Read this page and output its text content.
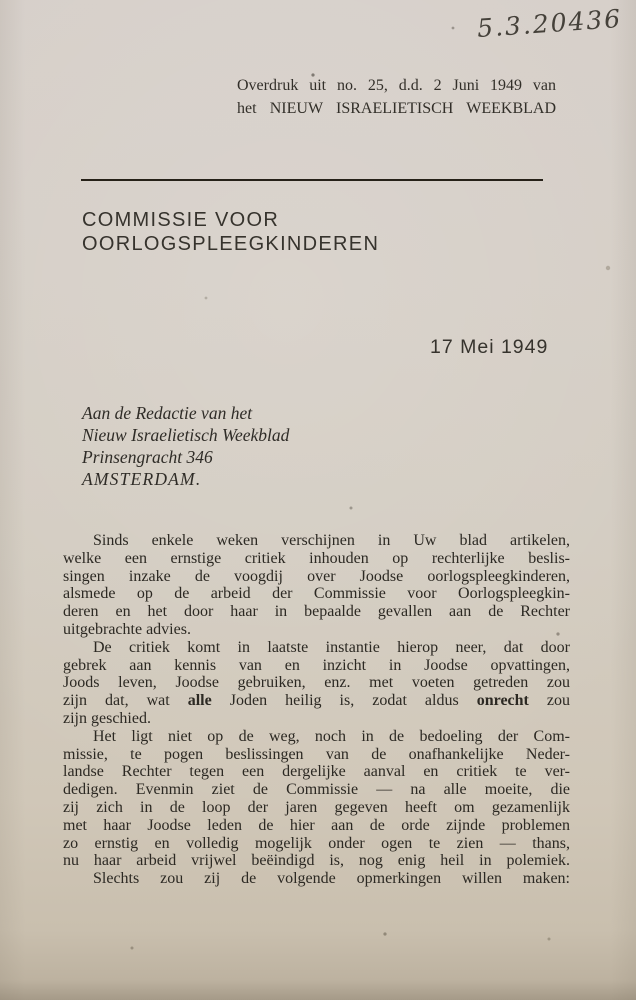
5.3.20436
Overdruk uit no. 25, d.d. 2 Juni 1949 van
het NIEUW ISRAELIETISCH WEEKBLAD
COMMISSIE VOOR
OORLOGSPLEEGKINDEREN
17 Mei 1949
Aan de Redactie van het
Nieuw Israelietisch Weekblad
Prinsengracht 346
AMSTERDAM.
Sinds enkele weken verschijnen in Uw blad artikelen,
welke een ernstige critiek inhouden op rechterlijke beslis-
singen inzake de voogdij over Joodse oorlogspleegkinderen,
alsmede op de arbeid der Commissie voor Oorlogspleegkin-
deren en het door haar in bepaalde gevallen aan de Rechter
uitgebrachte advies.
De critiek komt in laatste instantie hierop neer, dat door
gebrek aan kennis van en inzicht in Joodse opvattingen,
Joods leven, Joodse gebruiken, enz. met voeten getreden zou
zijn dat, wat alle Joden heilig is, zodat aldus onrecht zou
zijn geschied.
Het ligt niet op de weg, noch in de bedoeling der Com-
missie, te pogen beslissingen van de onafhankelijke Neder-
landse Rechter tegen een dergelijke aanval en critiek te ver-
dedigen. Evenmin ziet de Commissie — na alle moeite, die
zij zich in de loop der jaren gegeven heeft om gezamenlijk
met haar Joodse leden de hier aan de orde zijnde problemen
zo ernstig en volledig mogelijk onder ogen te zien — thans,
nu haar arbeid vrijwel beëindigd is, nog enig heil in polemiek.
Slechts zou zij de volgende opmerkingen willen maken:
